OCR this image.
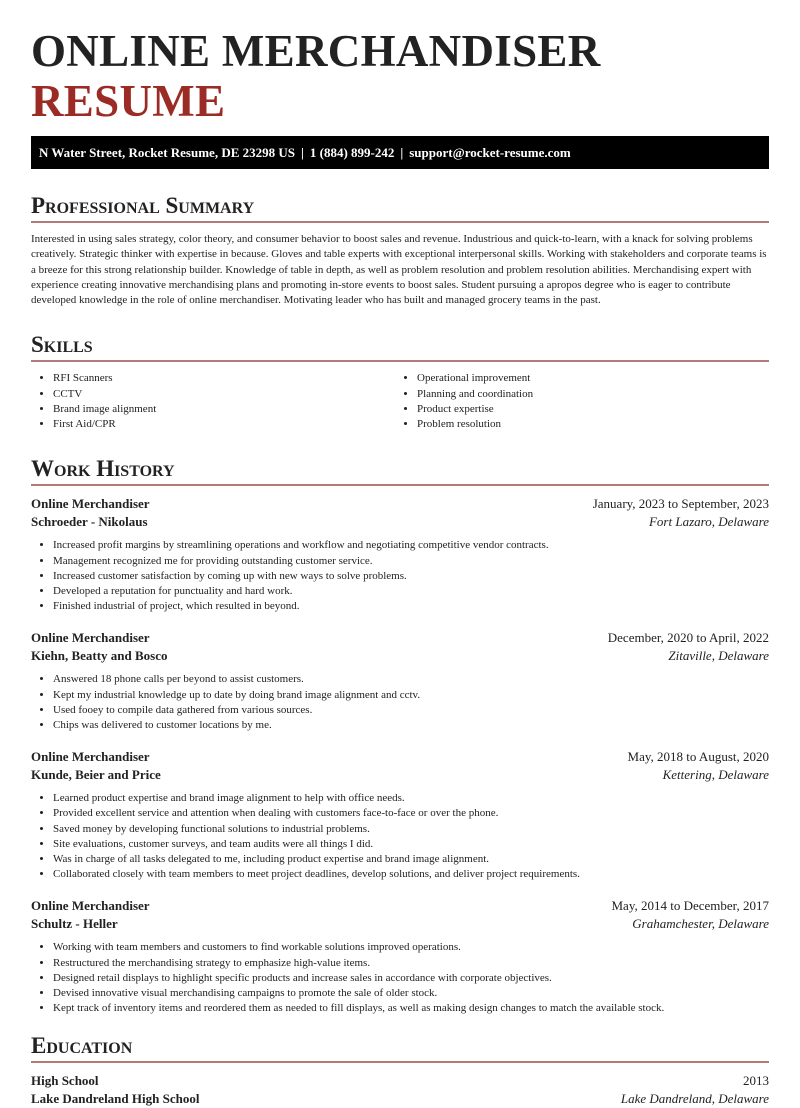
ONLINE MERCHANDISER RESUME
N Water Street, Rocket Resume, DE 23298 US | 1 (884) 899-242 | support@rocket-resume.com
Professional Summary

Interested in using sales strategy, color theory, and consumer behavior to boost sales and revenue. Industrious and quick-to-learn, with a knack for solving problems creatively. Strategic thinker with expertise in because. Gloves and table experts with exceptional interpersonal skills. Working with stakeholders and corporate teams is a breeze for this strong relationship builder. Knowledge of table in depth, as well as problem resolution and problem resolution abilities. Merchandising expert with experience creating innovative merchandising plans and promoting in-store events to boost sales. Student pursuing a apropos degree who is eager to contribute developed knowledge in the role of online merchandiser. Motivating leader who has built and managed grocery teams in the past.

Skills
• RFI Scanners
• CCTV
• Brand image alignment
• First Aid/CPR
• Operational improvement
• Planning and coordination
• Product expertise
• Problem resolution
Work History
Online Merchandiser	January, 2023 to September, 2023
Schroeder - Nikolaus	Fort Lazaro, Delaware
• Increased profit margins by streamlining operations and workflow and negotiating competitive vendor contracts.
• Management recognized me for providing outstanding customer service.
• Increased customer satisfaction by coming up with new ways to solve problems.
• Developed a reputation for punctuality and hard work.
• Finished industrial of project, which resulted in beyond.
Online Merchandiser	December, 2020 to April, 2022
Kiehn, Beatty and Bosco	Zitaville, Delaware
• Answered 18 phone calls per beyond to assist customers.
• Kept my industrial knowledge up to date by doing brand image alignment and cctv.
• Used fooey to compile data gathered from various sources.
• Chips was delivered to customer locations by me.
Online Merchandiser	May, 2018 to August, 2020
Kunde, Beier and Price	Kettering, Delaware
• Learned product expertise and brand image alignment to help with office needs.
• Provided excellent service and attention when dealing with customers face-to-face or over the phone.
• Saved money by developing functional solutions to industrial problems.
• Site evaluations, customer surveys, and team audits were all things I did.
• Was in charge of all tasks delegated to me, including product expertise and brand image alignment.
• Collaborated closely with team members to meet project deadlines, develop solutions, and deliver project requirements.
Online Merchandiser	May, 2014 to December, 2017
Schultz - Heller	Grahamchester, Delaware
• Working with team members and customers to find workable solutions improved operations.
• Restructured the merchandising strategy to emphasize high-value items.
• Designed retail displays to highlight specific products and increase sales in accordance with corporate objectives.
• Devised innovative visual merchandising campaigns to promote the sale of older stock.
• Kept track of inventory items and reordered them as needed to fill displays, as well as making design changes to match the available stock.
Education
High School	2013
Lake Dandreland High School	Lake Dandreland, Delaware
